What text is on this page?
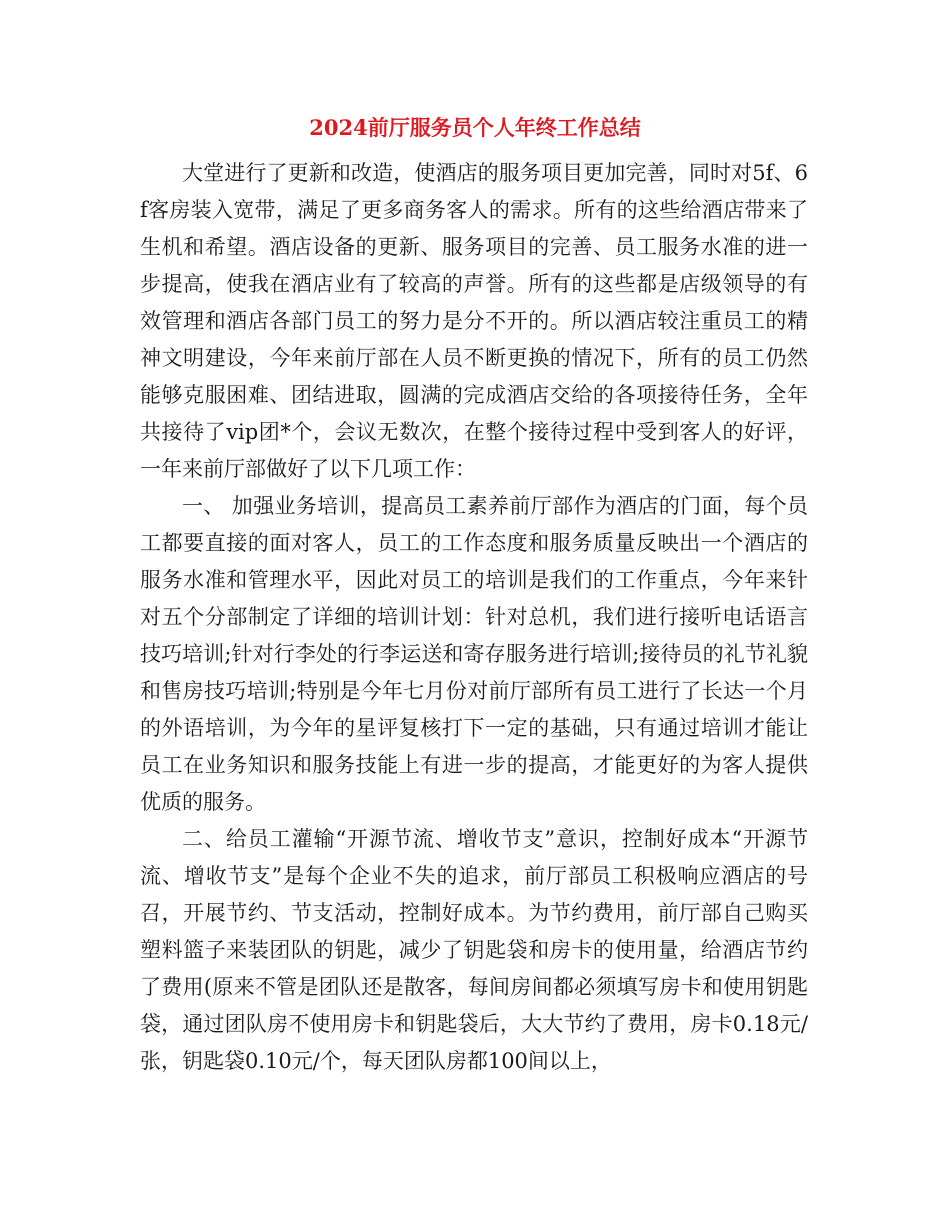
2024前厅服务员个人年终工作总结

大堂进行了更新和改造，使酒店的服务项目更加完善，同时对5f、6f客房装入宽带，满足了更多商务客人的需求。所有的这些给酒店带来了生机和希望。酒店设备的更新、服务项目的完善、员工服务水准的进一步提高，使我在酒店业有了较高的声誉。所有的这些都是店级领导的有效管理和酒店各部门员工的努力是分不开的。所以酒店较注重员工的精神文明建设，今年来前厅部在人员不断更换的情况下，所有的员工仍然能够克服困难、团结进取，圆满的完成酒店交给的各项接待任务，全年共接待了vip团*个，会议无数次，在整个接待过程中受到客人的好评，一年来前厅部做好了以下几项工作：

一、 加强业务培训，提高员工素养前厅部作为酒店的门面，每个员工都要直接的面对客人，员工的工作态度和服务质量反映出一个酒店的服务水准和管理水平，因此对员工的培训是我们的工作重点，今年来针对五个分部制定了详细的培训计划：针对总机，我们进行接听电话语言技巧培训;针对行李处的行李运送和寄存服务进行培训;接待员的礼节礼貌和售房技巧培训;特别是今年七月份对前厅部所有员工进行了长达一个月的外语培训，为今年的星评复核打下一定的基础，只有通过培训才能让员工在业务知识和服务技能上有进一步的提高，才能更好的为客人提供优质的服务。

二、给员工灌输“开源节流、增收节支”意识，控制好成本“开源节流、增收节支”是每个企业不失的追求，前厅部员工积极响应酒店的号召，开展节约、节支活动，控制好成本。为节约费用，前厅部自己购买塑料篮子来装团队的钥匙，减少了钥匙袋和房卡的使用量，给酒店节约了费用(原来不管是团队还是散客，每间房间都必须填写房卡和使用钥匙袋，通过团队房不使用房卡和钥匙袋后，大大节约了费用，房卡0.18元/张，钥匙袋0.10元/个，每天团队房都100间以上，
